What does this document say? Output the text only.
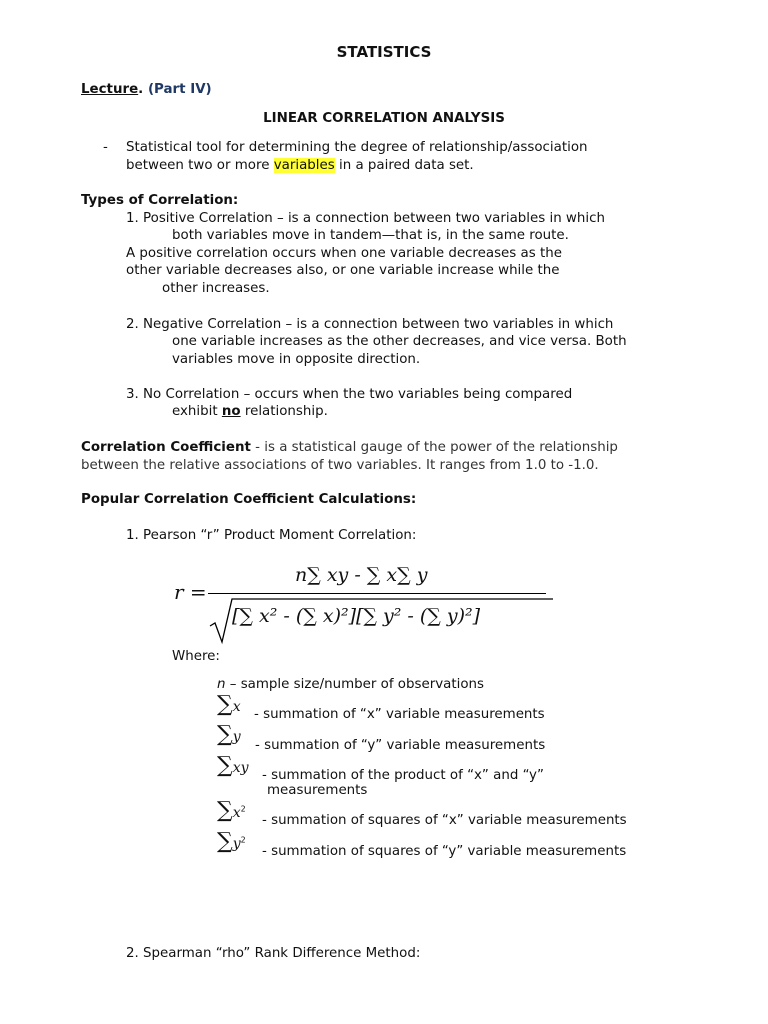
STATISTICS
Lecture. (Part IV)
LINEAR CORRELATION ANALYSIS
- Statistical tool for determining the degree of relationship/association
between two or more variables in a paired data set.
Types of Correlation:
1. Positive Correlation – is a connection between two variables in which
both variables move in tandem—that is, in the same route.
A positive correlation occurs when one variable decreases as the
other variable decreases also, or one variable increase while the
other increases.
2. Negative Correlation – is a connection between two variables in which
one variable increases as the other decreases, and vice versa. Both
variables move in opposite direction.
3. No Correlation – occurs when the two variables being compared
exhibit no relationship.
Correlation Coefficient - is a statistical gauge of the power of the relationship
between the relative associations of two variables. It ranges from 1.0 to -1.0.
Popular Correlation Coefficient Calculations:
1. Pearson “r” Product Moment Correlation:
r =
n∑ xy - ∑ x∑ y
[∑ x² - (∑ x)²][∑ y² - (∑ y)²]
Where:
n – sample size/number of observations
∑x - summation of “x” variable measurements
∑y
- summation of “y” variable measurements
∑xy - summation of the product of “x” and “y”
measurements
$\sum x^2$
- summation of squares of “x” variable measurements
$\sum y^2$
- summation of squares of “y” variable measurements
2. Spearman “rho” Rank Difference Method:
